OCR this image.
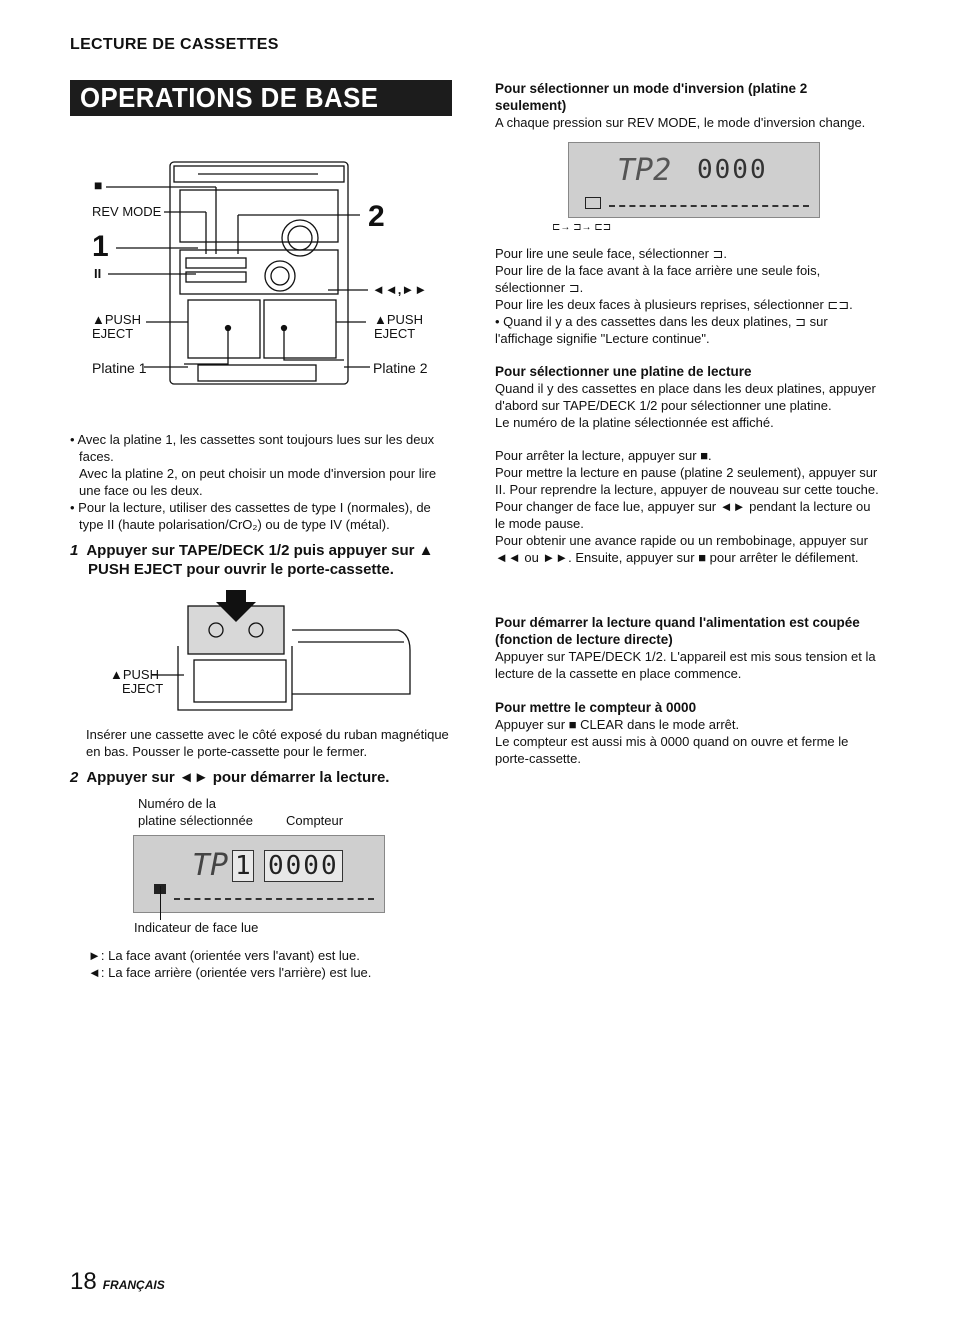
LECTURE DE CASSETTES
OPERATIONS DE BASE
■
REV MODE
1
2
II
◄◄,►►
▲PUSH
EJECT
▲PUSH
EJECT
Platine 1	Platine 2

• Avec la platine 1, les cassettes sont toujours lues sur les deux faces.

Avec la platine 2, on peut choisir un mode d'inversion pour lire une face ou les deux.

• Pour la lecture, utiliser des cassettes de type I (normales), de type II (haute polarisation/CrO₂) ou de type IV (métal).

1 Appuyer sur TAPE/DECK 1/2 puis appuyer sur ▲ PUSH EJECT pour ouvrir le porte-cassette.
▲PUSH
EJECT

Insérer une cassette avec le côté exposé du ruban magnétique en bas. Pousser le porte-cassette pour le fermer.

2 Appuyer sur ◄► pour démarrer la lecture.
Numéro de la
platine sélectionnée	Compteur
TP 1 0000
Indicateur de face lue

►: La face avant (orientée vers l'avant) est lue.

◄: La face arrière (orientée vers l'arrière) est lue.

Pour sélectionner un mode d'inversion (platine 2 seulement)

A chaque pression sur REV MODE, le mode d'inversion change.

TP2 0000
⊏→ ⊐→ ⊏⊐

Pour lire une seule face, sélectionner ⊐.

Pour lire de la face avant à la face arrière une seule fois, sélectionner ⊐.

Pour lire les deux faces à plusieurs reprises, sélectionner ⊏⊐.

• Quand il y a des cassettes dans les deux platines, ⊐ sur l'affichage signifie "Lecture continue".

Pour sélectionner une platine de lecture

Quand il y des cassettes en place dans les deux platines, appuyer d'abord sur TAPE/DECK 1/2 pour sélectionner une platine.

Le numéro de la platine sélectionnée est affiché.

Pour arrêter la lecture, appuyer sur ■.

Pour mettre la lecture en pause (platine 2 seulement), appuyer sur II. Pour reprendre la lecture, appuyer de nouveau sur cette touche.

Pour changer de face lue, appuyer sur ◄► pendant la lecture ou le mode pause.

Pour obtenir une avance rapide ou un rembobinage, appuyer sur ◄◄ ou ►►. Ensuite, appuyer sur ■ pour arrêter le défilement.

Pour démarrer la lecture quand l'alimentation est coupée (fonction de lecture directe)

Appuyer sur TAPE/DECK 1/2. L'appareil est mis sous tension et la lecture de la cassette en place commence.

Pour mettre le compteur à 0000

Appuyer sur ■ CLEAR dans le mode arrêt.

Le compteur est aussi mis à 0000 quand on ouvre et ferme le porte-cassette.

18 FRANÇAIS
